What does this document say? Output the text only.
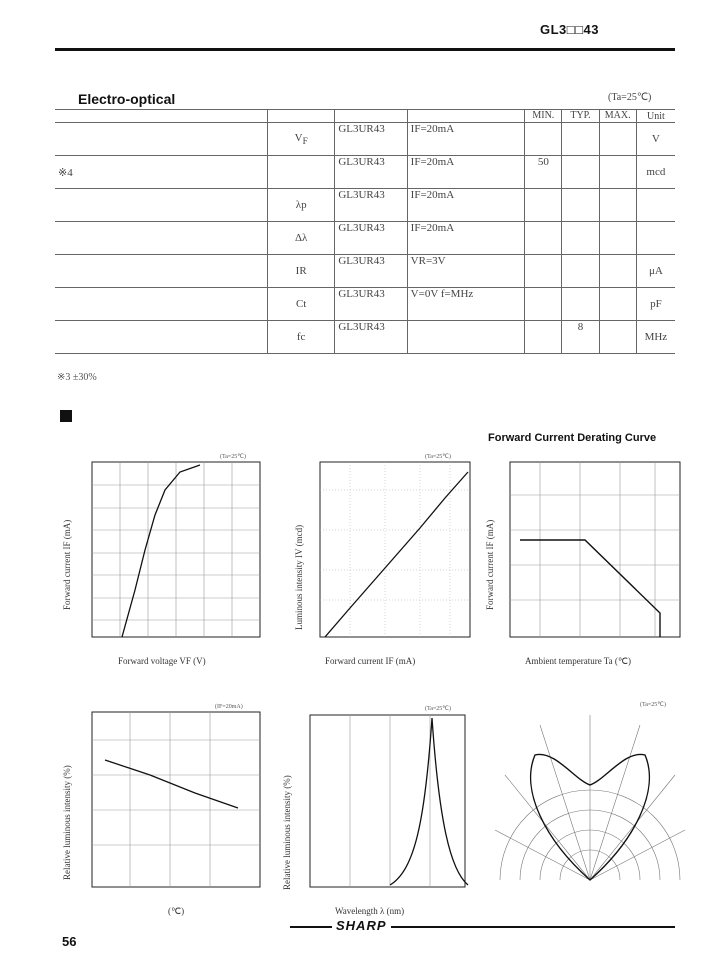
GL3□□43
Electro-optical	(Ta=25℃)
				MIN.	TYP.	MAX.	Unit
	$V_F$	GL3UR43	IF=20mA				V
※4		GL3UR43	IF=20mA	50			mcd
	λp	GL3UR43	IF=20mA				
	Δλ	GL3UR43	IF=20mA				
	IR	GL3UR43	VR=3V				μA
	Ct	GL3UR43	V=0V f=MHz				pF
	fc	GL3UR43			8		MHz
※3 ±30%
Forward Current Derating Curve
(Ta=25℃)
Forward voltage VF (V)
Forward current IF (mA)
(Ta=25℃)
Forward current IF (mA)
Luminous intensity IV (mcd)
Ambient temperature Ta (℃)
Forward current IF (mA)
(IF=20mA)
(℃)
Relative luminous intensity (%)
(Ta=25℃)
Wavelength λ (nm)
Relative luminous intensity (%)
(Ta=25℃)
SHARP
56
